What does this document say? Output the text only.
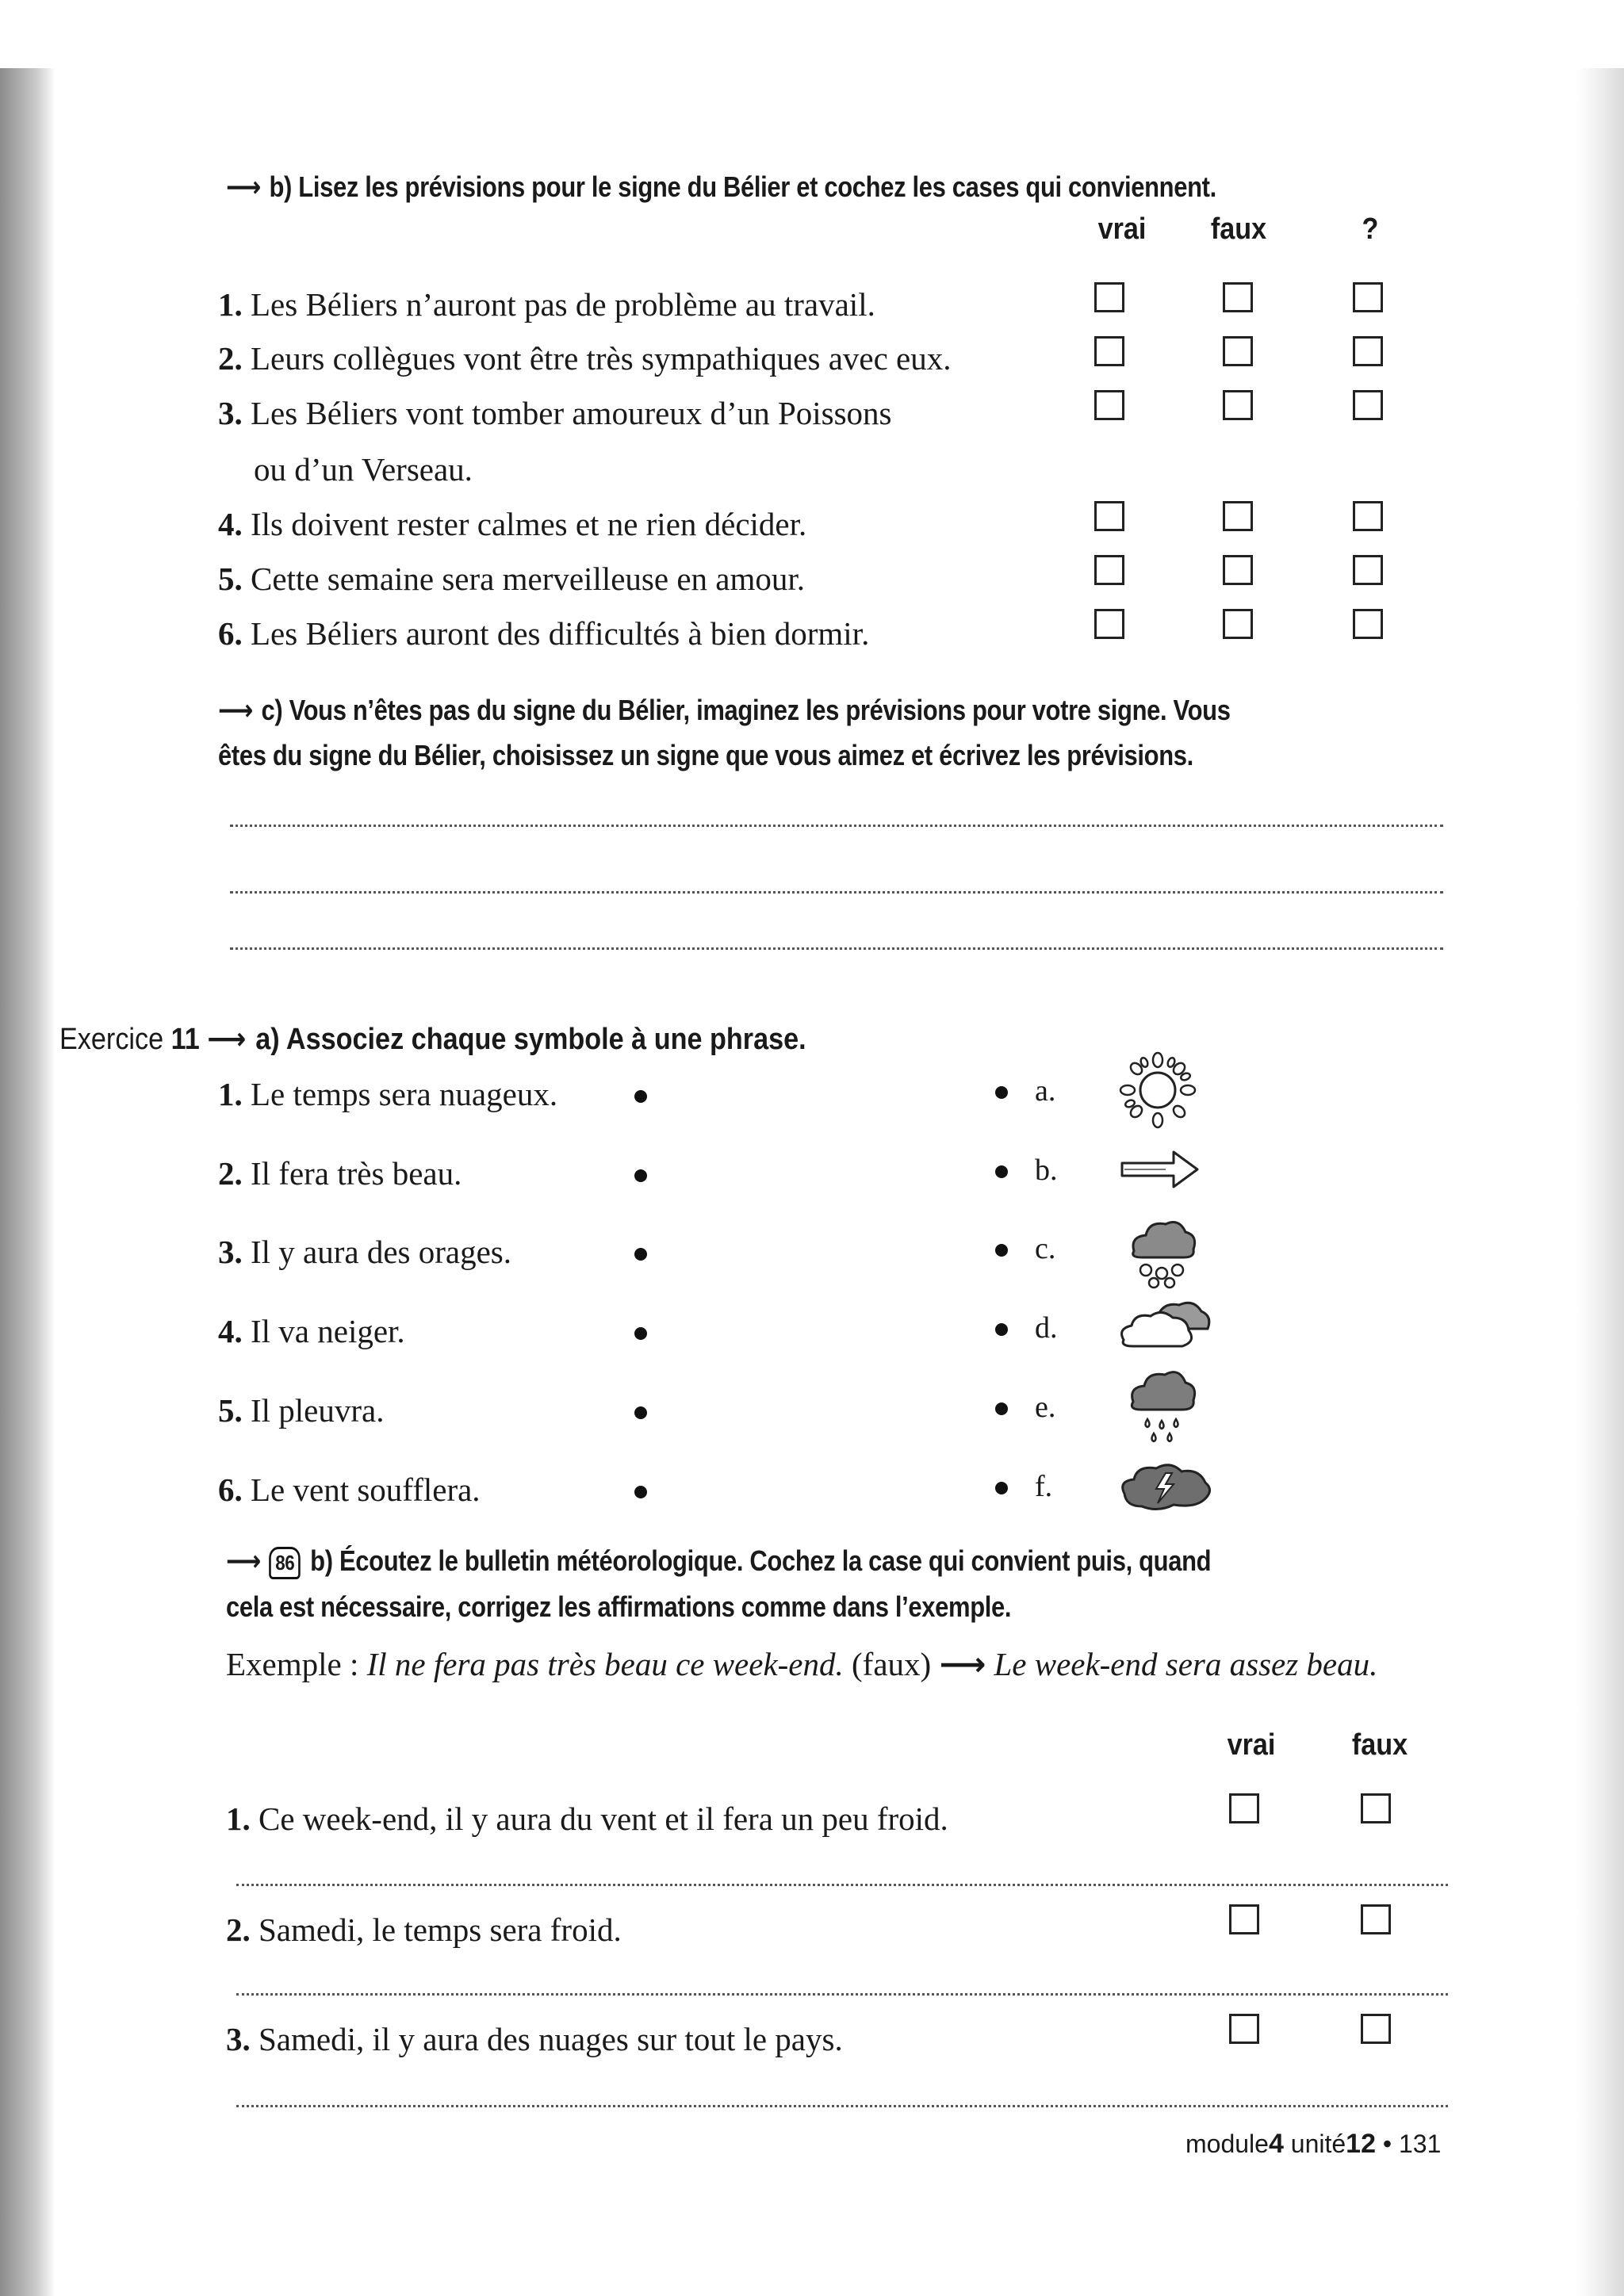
⟶ b) Lisez les prévisions pour le signe du Bélier et cochez les cases qui conviennent.
vrai	faux	?
1. Les Béliers n’auront pas de problème au travail.
2. Leurs collègues vont être très sympathiques avec eux.
3. Les Béliers vont tomber amoureux d’un Poissons
ou d’un Verseau.
4. Ils doivent rester calmes et ne rien décider.
5. Cette semaine sera merveilleuse en amour.
6. Les Béliers auront des difficultés à bien dormir.
⟶ c) Vous n’êtes pas du signe du Bélier, imaginez les prévisions pour votre signe. Vous
êtes du signe du Bélier, choisissez un signe que vous aimez et écrivez les prévisions.
Exercice 11 ⟶ a) Associez chaque symbole à une phrase.
1. Le temps sera nuageux.
2. Il fera très beau.
3. Il y aura des orages.
4. Il va neiger.
5. Il pleuvra.
6. Le vent soufflera.
a.
b.
c.
d.
e.
f.
⟶ 86 b) Écoutez le bulletin météorologique. Cochez la case qui convient puis, quand
cela est nécessaire, corrigez les affirmations comme dans l’exemple.
Exemple : Il ne fera pas très beau ce week-end. (faux) ⟶ Le week-end sera assez beau.
vrai	faux
1. Ce week-end, il y aura du vent et il fera un peu froid.
2. Samedi, le temps sera froid.
3. Samedi, il y aura des nuages sur tout le pays.
module4 unité12 • 131
